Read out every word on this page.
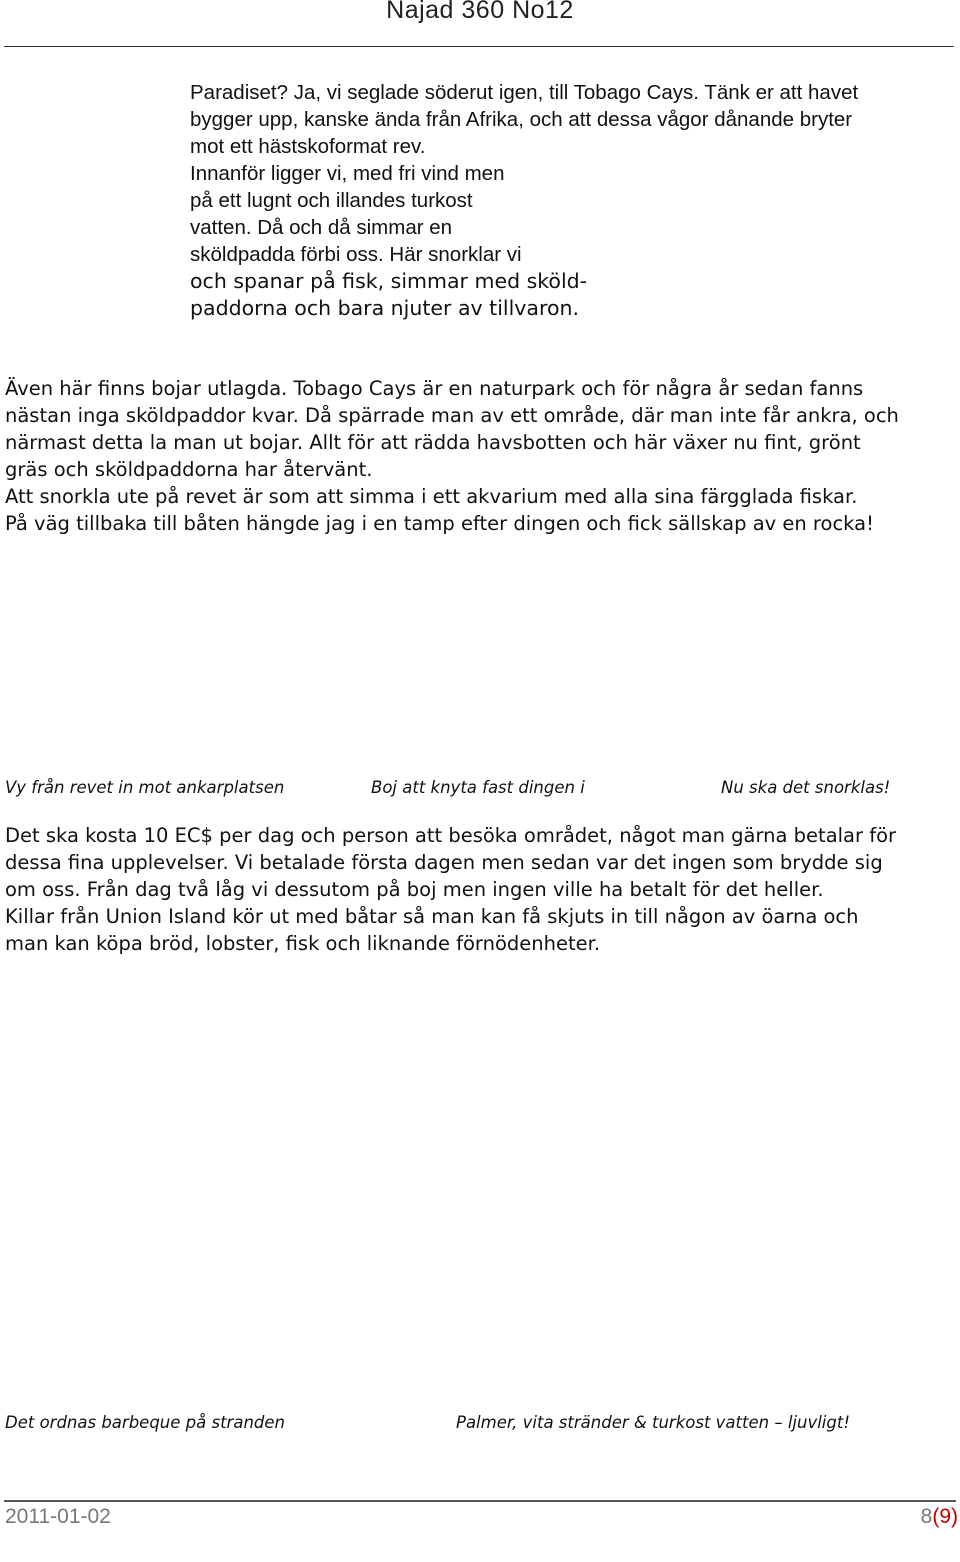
Najad 360 No12
Paradiset? Ja, vi seglade söderut igen, till Tobago Cays. Tänk er att havet
bygger upp, kanske ända från Afrika, och att dessa vågor dånande bryter
mot ett hästskoformat rev.
Innanför ligger vi, med fri vind men
på ett lugnt och illandes turkost
vatten. Då och då simmar en
sköldpadda förbi oss. Här snorklar vi
och spanar på fisk, simmar med sköld-
paddorna och bara njuter av tillvaron.
Även här finns bojar utlagda. Tobago Cays är en naturpark och för några år sedan fanns
nästan inga sköldpaddor kvar. Då spärrade man av ett område, där man inte får ankra, och
närmast detta la man ut bojar. Allt för att rädda havsbotten och här växer nu fint, grönt
gräs och sköldpaddorna har återvänt.
Att snorkla ute på revet är som att simma i ett akvarium med alla sina färgglada fiskar.
På väg tillbaka till båten hängde jag i en tamp efter dingen och fick sällskap av en rocka!
Vy från revet in mot ankarplatsen	Boj att knyta fast dingen i	Nu ska det snorklas!
Det ska kosta 10 EC$ per dag och person att besöka området, något man gärna betalar för
dessa fina upplevelser. Vi betalade första dagen men sedan var det ingen som brydde sig
om oss. Från dag två låg vi dessutom på boj men ingen ville ha betalt för det heller.
Killar från Union Island kör ut med båtar så man kan få skjuts in till någon av öarna och
man kan köpa bröd, lobster, fisk och liknande förnödenheter.
Det ordnas barbeque på stranden	Palmer, vita stränder & turkost vatten – ljuvligt!
2011-01-02	8(9)
